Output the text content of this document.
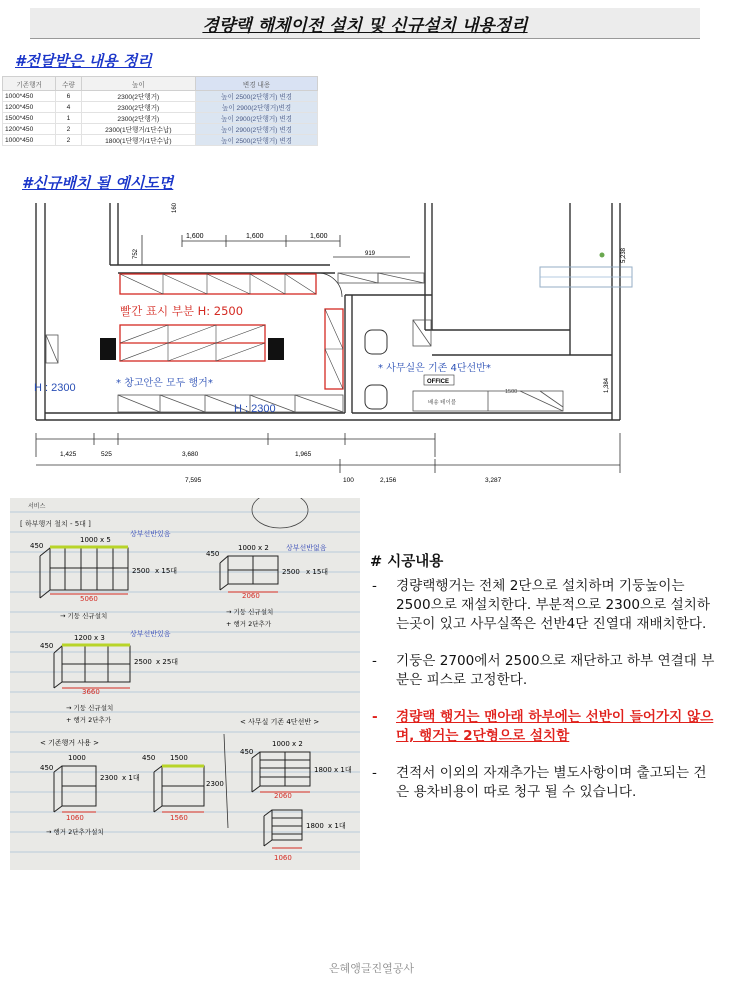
경량랙 해체이전 설치 및 신규설치 내용정리
#전달받은 내용 정리
기존행거	수량	높이	변경 내용
1000*450	6	2300(2단행거)	높이 2500(2단행거) 변경
1200*450	4	2300(2단행거)	높이 2900(2단행거)변경
1500*450	1	2300(2단행거)	높이 2900(2단행거) 변경
1200*450	2	2300(1단행거/1단수납)	높이 2900(2단행거) 변경
1000*450	2	1800(1단행거/1단수납)	높이 2500(2단행거) 변경
#신규배치 될 예시도면
160
1,600	1,600	1,600
752	919	5,238
1,384
빨간 표시 부분 H: 2500
H : 2300
H : 2300
* 창고안은 모두 행거*
* 사무실은 기존 4단선반*
OFFICE
배송 테이블
1500
1,425	525	3,680	1,965
7,595	100	2,156	3,287
서비스
[ 하부행거 철치 - 5대 ]
450
1000 x 5
2500 x 15대
5060
상부선반있음
→ 기둥 신규설치
450
1000 x 2
2500 x 15대
2060
상부선반없음
→ 기둥 신규설치
+ 행거 2단추가
450
1200 x 3
2500 x 25대
3660
상부선반있음
→ 기둥 신규설치
+ 행거 2단추가
< 기존행거 사용 >
1000
450
2300 x 1대
1060
1500
450
2300
1560
→ 행거 2단추가설치
< 사무실 기존 4단선반 >
450
1000 x 2
1800 x 1대
2060
1800 x 1대
1060
# 시공내용
- 경량랙행거는 전체 2단으로 설치하며 기둥높이는 2500으로 재설치한다. 부분적으로 2300으로 설치하는곳이 있고 사무실쪽은 선반4단 진열대 재배치한다.
- 기둥은 2700에서 2500으로 재단하고 하부 연결대 부분은 피스로 고정한다.
- 경량랙 행거는 맨아래 하부에는 선반이 들어가지 않으며, 행거는 2단형으로 설치함
- 견적서 이외의 자재추가는 별도사항이며 출고되는 건은 용차비용이 따로 청구 될 수 있습니다.
은혜앵글진열공사
